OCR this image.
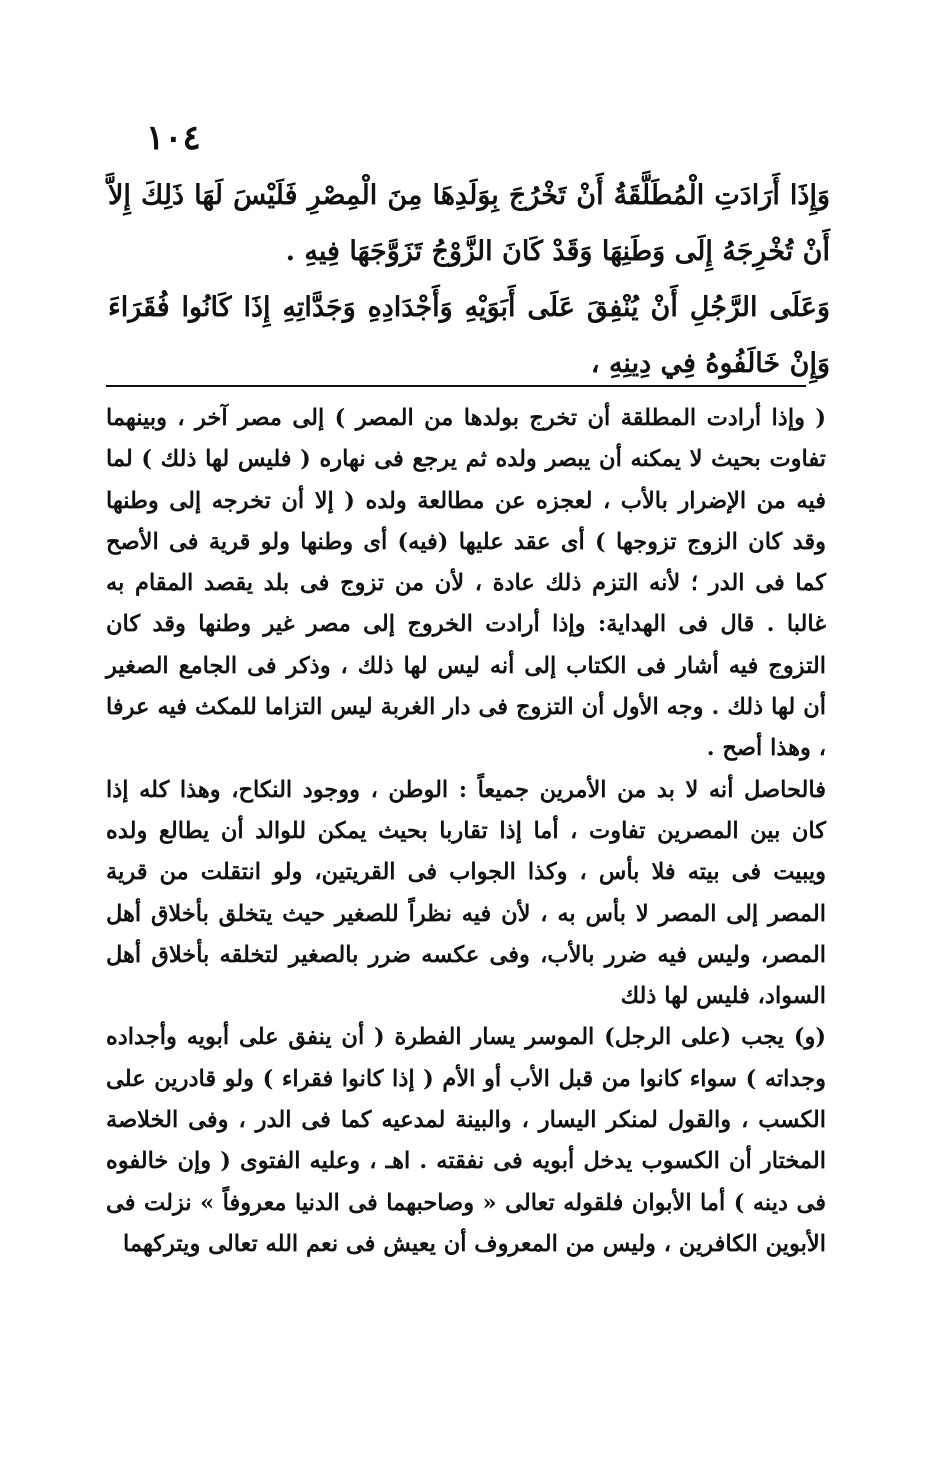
١٠٤

وَإِذَا أَرَادَتِ الْمُطَلَّقَةُ أَنْ تَخْرُجَ بِوَلَدِهَا مِنَ الْمِصْرِ فَلَيْسَ لَهَا ذَلِكَ إِلاَّ أَنْ تُخْرِجَهُ إِلَى وَطَنِهَا وَقَدْ كَانَ الزَّوْجُ تَزَوَّجَهَا فِيهِ .

وَعَلَى الرَّجُلِ أَنْ يُنْفِقَ عَلَى أَبَوَيْهِ وَأَجْدَادِهِ وَجَدَّاتِهِ إِذَا كَانُوا فُقَرَاءَ وَإِنْ خَالَفُوهُ فِي دِينِهِ ،

( وإذا أرادت المطلقة أن تخرج بولدها من المصر ) إلى مصر آخر ، وبينهما تفاوت بحيث لا يمكنه أن يبصر ولده ثم يرجع فى نهاره ( فليس لها ذلك ) لما فيه من الإضرار بالأب ، لعجزه عن مطالعة ولده ( إلا أن تخرجه إلى وطنها وقد كان الزوج تزوجها ) أى عقد عليها (فيه) أى وطنها ولو قرية فى الأصح كما فى الدر ؛ لأنه التزم ذلك عادة ، لأن من تزوج فى بلد يقصد المقام به غالبا . قال فى الهداية: وإذا أرادت الخروج إلى مصر غير وطنها وقد كان التزوج فيه أشار فى الكتاب إلى أنه ليس لها ذلك ، وذكر فى الجامع الصغير أن لها ذلك . وجه الأول أن التزوج فى دار الغربة ليس التزاما للمكث فيه عرفا ، وهذا أصح .

فالحاصل أنه لا بد من الأمرين جميعاً : الوطن ، ووجود النكاح، وهذا كله إذا كان بين المصرين تفاوت ، أما إذا تقاربا بحيث يمكن للوالد أن يطالع ولده ويبيت فى بيته فلا بأس ، وكذا الجواب فى القريتين، ولو انتقلت من قرية المصر إلى المصر لا بأس به ، لأن فيه نظراً للصغير حيث يتخلق بأخلاق أهل المصر، وليس فيه ضرر بالأب، وفى عكسه ضرر بالصغير لتخلقه بأخلاق أهل السواد، فليس لها ذلك

(و) يجب (على الرجل) الموسر يسار الفطرة ( أن ينفق على أبويه وأجداده وجداته ) سواء كانوا من قبل الأب أو الأم ( إذا كانوا فقراء ) ولو قادرين على الكسب ، والقول لمنكر اليسار ، والبينة لمدعيه كما فى الدر ، وفى الخلاصة المختار أن الكسوب يدخل أبويه فى نفقته . اهـ ، وعليه الفتوى ( وإن خالفوه فى دينه ) أما الأبوان فلقوله تعالى « وصاحبهما فى الدنيا معروفاً » نزلت فى الأبوين الكافرين ، وليس من المعروف أن يعيش فى نعم الله تعالى ويتركهما
